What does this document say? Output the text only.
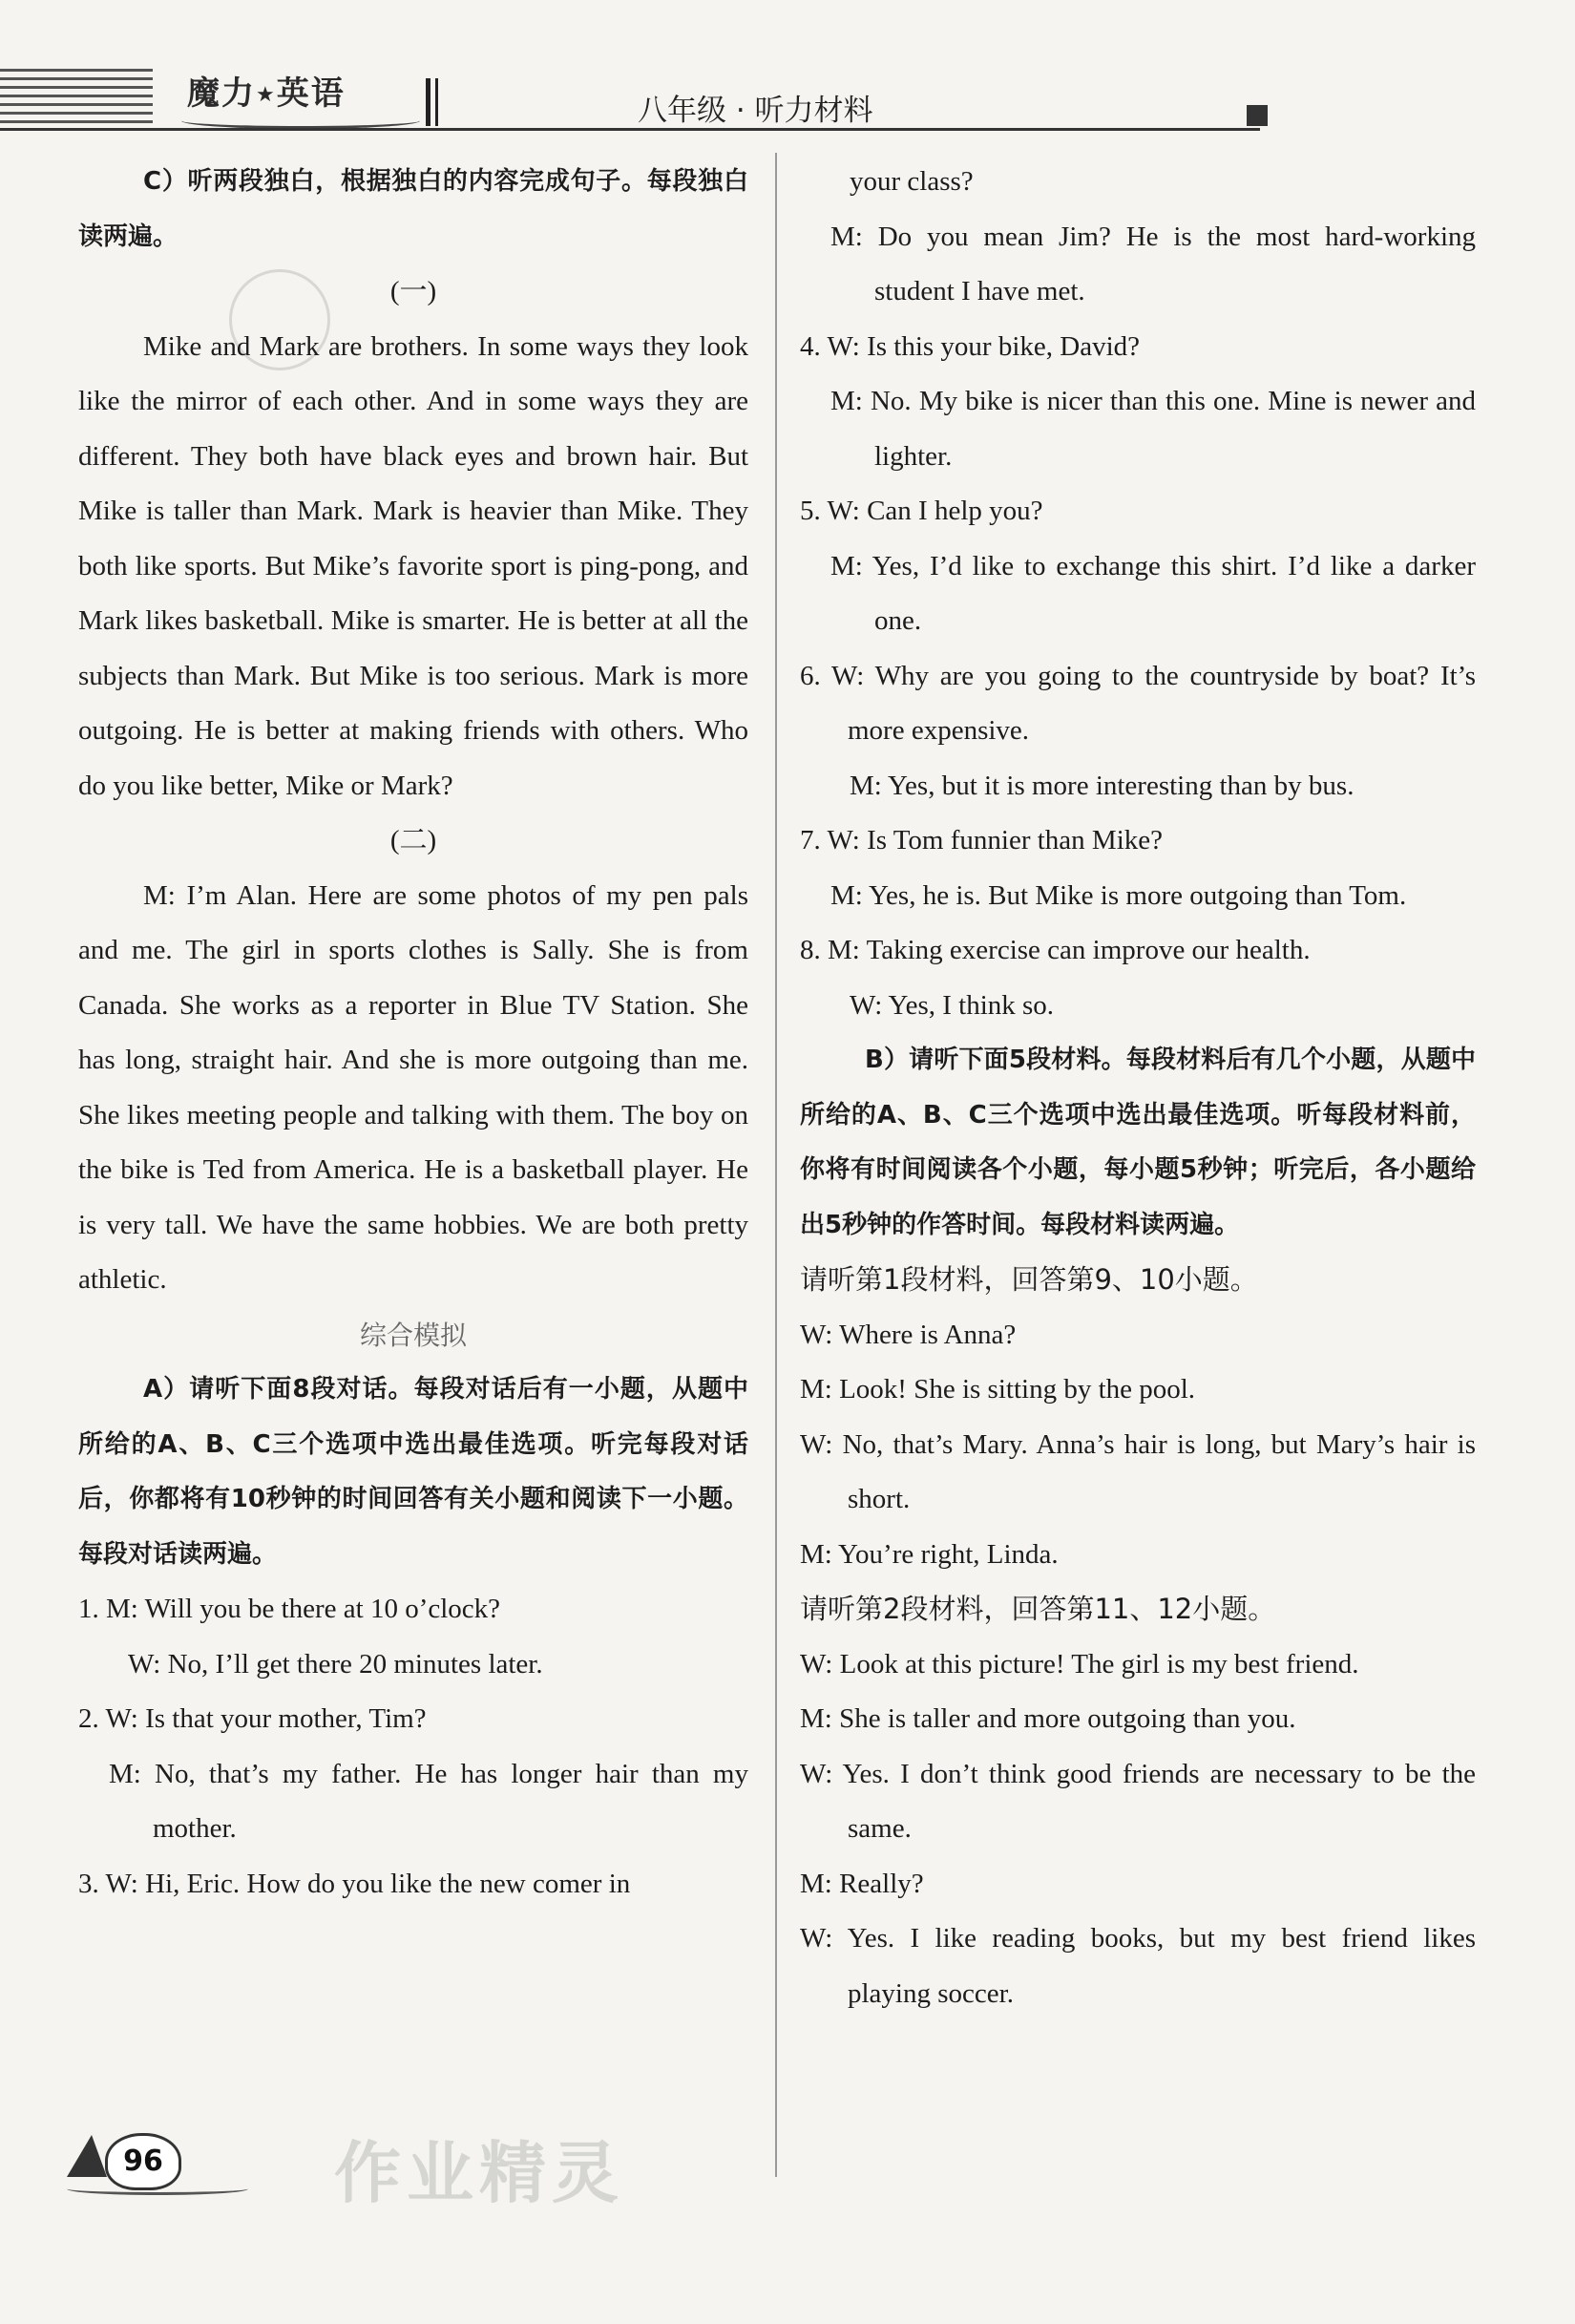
魔力★英语	八年级 · 听力材料

C）听两段独白，根据独白的内容完成句子。每段独白读两遍。

(一)

Mike and Mark are brothers. In some ways they look like the mirror of each other. And in some ways they are different. They both have black eyes and brown hair. But Mike is taller than Mark. Mark is heavier than Mike. They both like sports. But Mike’s favorite sport is ping-pong, and Mark likes basketball. Mike is smarter. He is better at all the subjects than Mark. But Mike is too serious. Mark is more outgoing. He is better at making friends with others. Who do you like better, Mike or Mark?

(二)

M: I’m Alan. Here are some photos of my pen pals and me. The girl in sports clothes is Sally. She is from Canada. She works as a reporter in Blue TV Station. She has long, straight hair. And she is more outgoing than me. She likes meeting people and talking with them. The boy on the bike is Ted from America. He is a basketball player. He is very tall. We have the same hobbies. We are both pretty athletic.

综合模拟

A）请听下面8段对话。每段对话后有一小题，从题中所给的A、B、C三个选项中选出最佳选项。听完每段对话后，你都将有10秒钟的时间回答有关小题和阅读下一小题。每段对话读两遍。

1. M: Will you be there at 10 o’clock?

W: No, I’ll get there 20 minutes later.

2. W: Is that your mother, Tim?

M: No, that’s my father. He has longer hair than my mother.

3. W: Hi, Eric. How do you like the new comer in

your class?

M: Do you mean Jim? He is the most hard-working student I have met.

4. W: Is this your bike, David?

M: No. My bike is nicer than this one. Mine is newer and lighter.

5. W: Can I help you?

M: Yes, I’d like to exchange this shirt. I’d like a darker one.

6. W: Why are you going to the countryside by boat? It’s more expensive.

M: Yes, but it is more interesting than by bus.

7. W: Is Tom funnier than Mike?

M: Yes, he is. But Mike is more outgoing than Tom.

8. M: Taking exercise can improve our health.

W: Yes, I think so.

B）请听下面5段材料。每段材料后有几个小题，从题中所给的A、B、C三个选项中选出最佳选项。听每段材料前，你将有时间阅读各个小题，每小题5秒钟；听完后，各小题给出5秒钟的作答时间。每段材料读两遍。

请听第1段材料，回答第9、10小题。

W: Where is Anna?

M: Look! She is sitting by the pool.

W: No, that’s Mary. Anna’s hair is long, but Mary’s hair is short.

M: You’re right, Linda.

请听第2段材料，回答第11、12小题。

W: Look at this picture! The girl is my best friend.

M: She is taller and more outgoing than you.

W: Yes. I don’t think good friends are necessary to be the same.

M: Really?

W: Yes. I like reading books, but my best friend likes playing soccer.

96	作业精灵
